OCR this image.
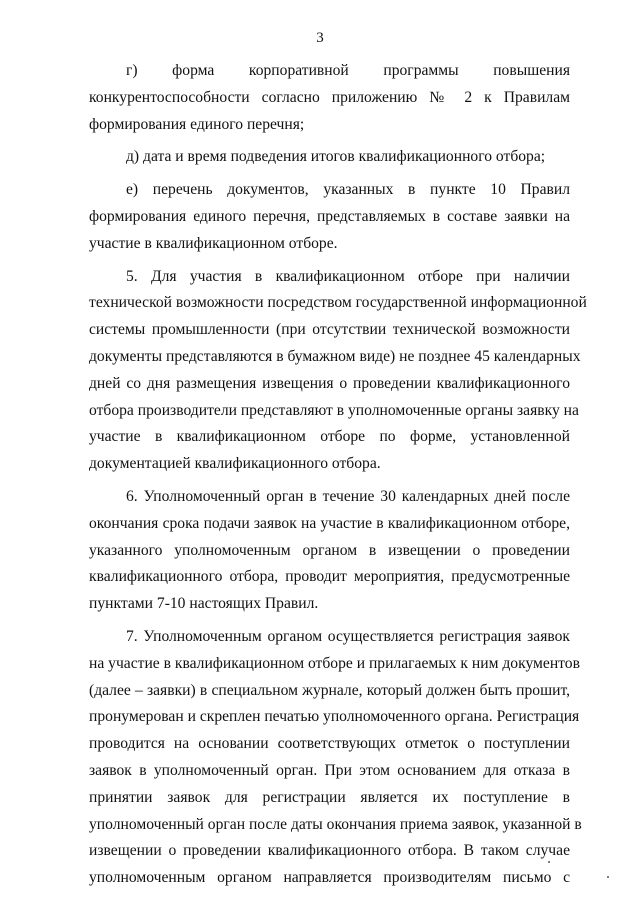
3
г) форма корпоративной программы повышения
конкурентоспособности согласно приложению № 2 к Правилам
формирования единого перечня;
д) дата и время подведения итогов квалификационного отбора;
е) перечень документов, указанных в пункте 10 Правил
формирования единого перечня, представляемых в составе заявки на
участие в квалификационном отборе.
5. Для участия в квалификационном отборе при наличии
технической возможности посредством государственной информационной
системы промышленности (при отсутствии технической возможности
документы представляются в бумажном виде) не позднее 45 календарных
дней со дня размещения извещения о проведении квалификационного
отбора производители представляют в уполномоченные органы заявку на
участие в квалификационном отборе по форме, установленной
документацией квалификационного отбора.
6. Уполномоченный орган в течение 30 календарных дней после
окончания срока подачи заявок на участие в квалификационном отборе,
указанного уполномоченным органом в извещении о проведении
квалификационного отбора, проводит мероприятия, предусмотренные
пунктами 7-10 настоящих Правил.
7. Уполномоченным органом осуществляется регистрация заявок
на участие в квалификационном отборе и прилагаемых к ним документов
(далее – заявки) в специальном журнале, который должен быть прошит,
пронумерован и скреплен печатью уполномоченного органа. Регистрация
проводится на основании соответствующих отметок о поступлении
заявок в уполномоченный орган. При этом основанием для отказа в
принятии заявок для регистрации является их поступление в
уполномоченный орган после даты окончания приема заявок, указанной в
извещении о проведении квалификационного отбора. В таком случае
уполномоченным органом направляется производителям письмо с
